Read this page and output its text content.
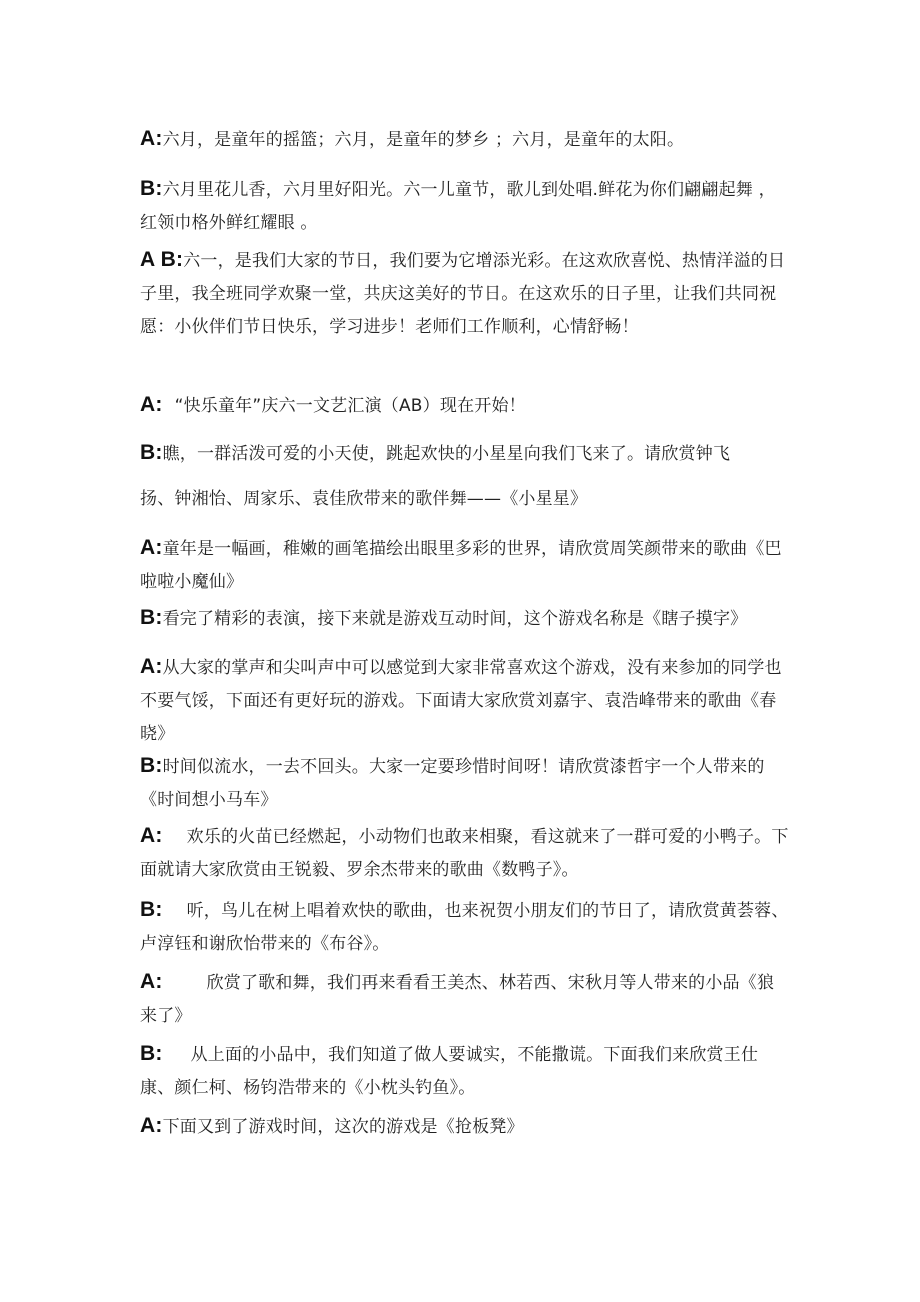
A:六月，是童年的摇篮；六月，是童年的梦乡 ；六月，是童年的太阳。
B:六月里花儿香，六月里好阳光。六一儿童节，歌儿到处唱.鲜花为你们翩翩起舞 ，红领巾格外鲜红耀眼 。
A B:六一，是我们大家的节日，我们要为它增添光彩。在这欢欣喜悦、热情洋溢的日子里，我全班同学欢聚一堂，共庆这美好的节日。在这欢乐的日子里，让我们共同祝愿：小伙伴们节日快乐，学习进步！老师们工作顺利，心情舒畅！
A: “快乐童年”庆六一文艺汇演（AB）现在开始！
B:瞧，一群活泼可爱的小天使，跳起欢快的小星星向我们飞来了。请欣赏钟飞
扬、钟湘怡、周家乐、袁佳欣带来的歌伴舞——《小星星》
A:童年是一幅画，稚嫩的画笔描绘出眼里多彩的世界，请欣赏周笑颜带来的歌曲《巴啦啦小魔仙》
B:看完了精彩的表演，接下来就是游戏互动时间，这个游戏名称是《瞎子摸字》
A:从大家的掌声和尖叫声中可以感觉到大家非常喜欢这个游戏，没有来参加的同学也不要气馁，下面还有更好玩的游戏。下面请大家欣赏刘嘉宇、袁浩峰带来的歌曲《春晓》
B:时间似流水，一去不回头。大家一定要珍惜时间呀！请欣赏漆哲宇一个人带来的《时间想小马车》
A: 欢乐的火苗已经燃起，小动物们也敢来相聚，看这就来了一群可爱的小鸭子。下面就请大家欣赏由王锐毅、罗余杰带来的歌曲《数鸭子》。
B: 听，鸟儿在树上唱着欢快的歌曲，也来祝贺小朋友们的节日了，请欣赏黄荟蓉、卢淳钰和谢欣怡带来的《布谷》。
A:	欣赏了歌和舞，我们再来看看王美杰、林若西、宋秋月等人带来的小品《狼来了》
B: 从上面的小品中，我们知道了做人要诚实，不能撒谎。下面我们来欣赏王仕康、颜仁柯、杨钧浩带来的《小枕头钓鱼》。
A:下面又到了游戏时间，这次的游戏是《抢板凳》
